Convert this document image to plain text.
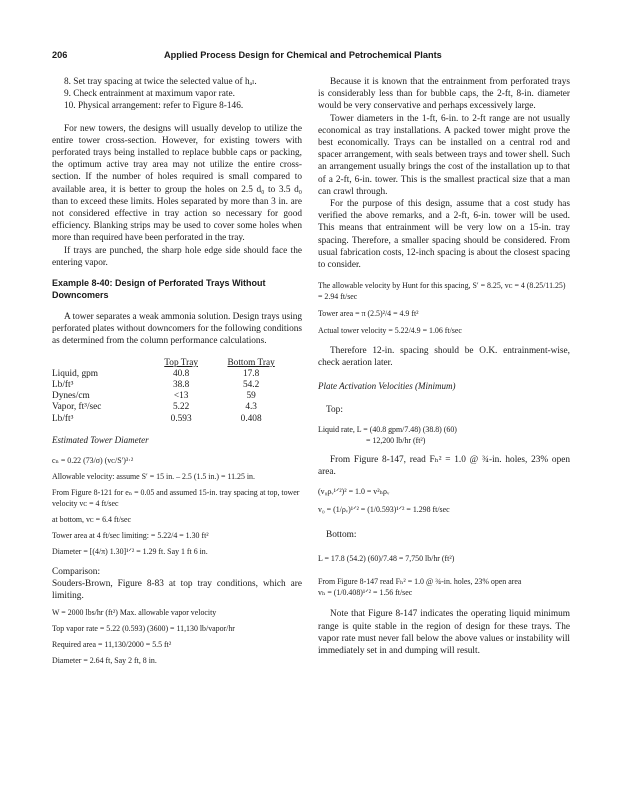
206	Applied Process Design for Chemical and Petrochemical Plants

8. Set tray spacing at twice the selected value of hₐₗ.

9. Check entrainment at maximum vapor rate.

10. Physical arrangement: refer to Figure 8-146.

For new towers, the designs will usually develop to utilize the entire tower cross-section. However, for existing towers with perforated trays being installed to replace bubble caps or packing, the optimum active tray area may not utilize the entire cross-section. If the number of holes required is small compared to available area, it is better to group the holes on 2.5 d₀ to 3.5 d₀ than to exceed these limits. Holes separated by more than 3 in. are not considered effective in tray action so necessary for good efficiency. Blanking strips may be used to cover some holes when more than required have been perforated in the tray.

If trays are punched, the sharp hole edge side should face the entering vapor.

Example 8-40: Design of Perforated Trays Without Downcomers

A tower separates a weak ammonia solution. Design trays using perforated plates without downcomers for the following conditions as determined from the column performance calculations.

	Top Tray	Bottom Tray
Liquid, gpm	40.8	17.8
Lb/ft³	38.8	54.2
Dynes/cm	<13	59
Vapor, ft³/sec	5.22	4.3
Lb/ft³	0.593	0.408

Estimated Tower Diameter

cₙ = 0.22 (73/σ) (vᴄ/S′)³·²

Allowable velocity: assume S′ = 15 in. – 2.5 (1.5 in.) = 11.25 in.

From Figure 8-121 for eₙ = 0.05 and assumed 15-in. tray spacing at top, tower velocity vᴄ = 4 ft/sec

at bottom, vᴄ = 6.4 ft/sec

Tower area at 4 ft/sec limiting: = 5.22/4 = 1.30 ft²

Diameter = [(4/π) 1.30]¹ᐟ² = 1.29 ft. Say 1 ft 6 in.

Comparison:

Souders-Brown, Figure 8-83 at top tray conditions, which are limiting.

W = 2000 lbs/hr (ft²) Max. allowable vapor velocity

Top vapor rate = 5.22 (0.593) (3600) = 11,130 lb/vapor/hr

Required area = 11,130/2000 = 5.5 ft²

Diameter = 2.64 ft, Say 2 ft, 8 in.

Because it is known that the entrainment from perforated trays is considerably less than for bubble caps, the 2-ft, 8-in. diameter would be very conservative and perhaps excessively large.

Tower diameters in the 1-ft, 6-in. to 2-ft range are not usually economical as tray installations. A packed tower might prove the best economically. Trays can be installed on a central rod and spacer arrangement, with seals between trays and tower shell. Such an arrangement usually brings the cost of the installation up to that of a 2-ft, 6-in. tower. This is the smallest practical size that a man can crawl through.

For the purpose of this design, assume that a cost study has verified the above remarks, and a 2-ft, 6-in. tower will be used. This means that entrainment will be very low on a 15-in. tray spacing. Therefore, a smaller spacing should be considered. From usual fabrication costs, 12-inch spacing is about the closest spacing to consider.

The allowable velocity by Hunt for this spacing, S′ = 8.25, vᴄ = 4 (8.25/11.25) = 2.94 ft/sec

Tower area = π (2.5)²/4 = 4.9 ft²

Actual tower velocity = 5.22/4.9 = 1.06 ft/sec

Therefore 12-in. spacing should be O.K. entrainment-wise, check aeration later.

Plate Activation Velocities (Minimum)

Top:

Liquid rate, L = (40.8 gpm/7.48) (38.8) (60)

= 12,200 lb/hr (ft²)

From Figure 8-147, read Fₕ² = 1.0 @ ¾-in. holes, 23% open area.

(v₀ρᵥ¹ᐟ²)² = 1.0 = v²ₕρᵥ

v₀ = (1/ρᵥ)¹ᐟ² = (1/0.593)¹ᐟ² = 1.298 ft/sec

Bottom:

L = 17.8 (54.2) (60)/7.48 = 7,750 lb/hr (ft²)

From Figure 8-147 read Fₕ² = 1.0 @ ¾-in. holes, 23% open area

vₕ = (1/0.408)¹ᐟ² = 1.56 ft/sec

Note that Figure 8-147 indicates the operating liquid minimum range is quite stable in the region of design for these trays. The vapor rate must never fall below the above values or instability will immediately set in and dumping will result.
